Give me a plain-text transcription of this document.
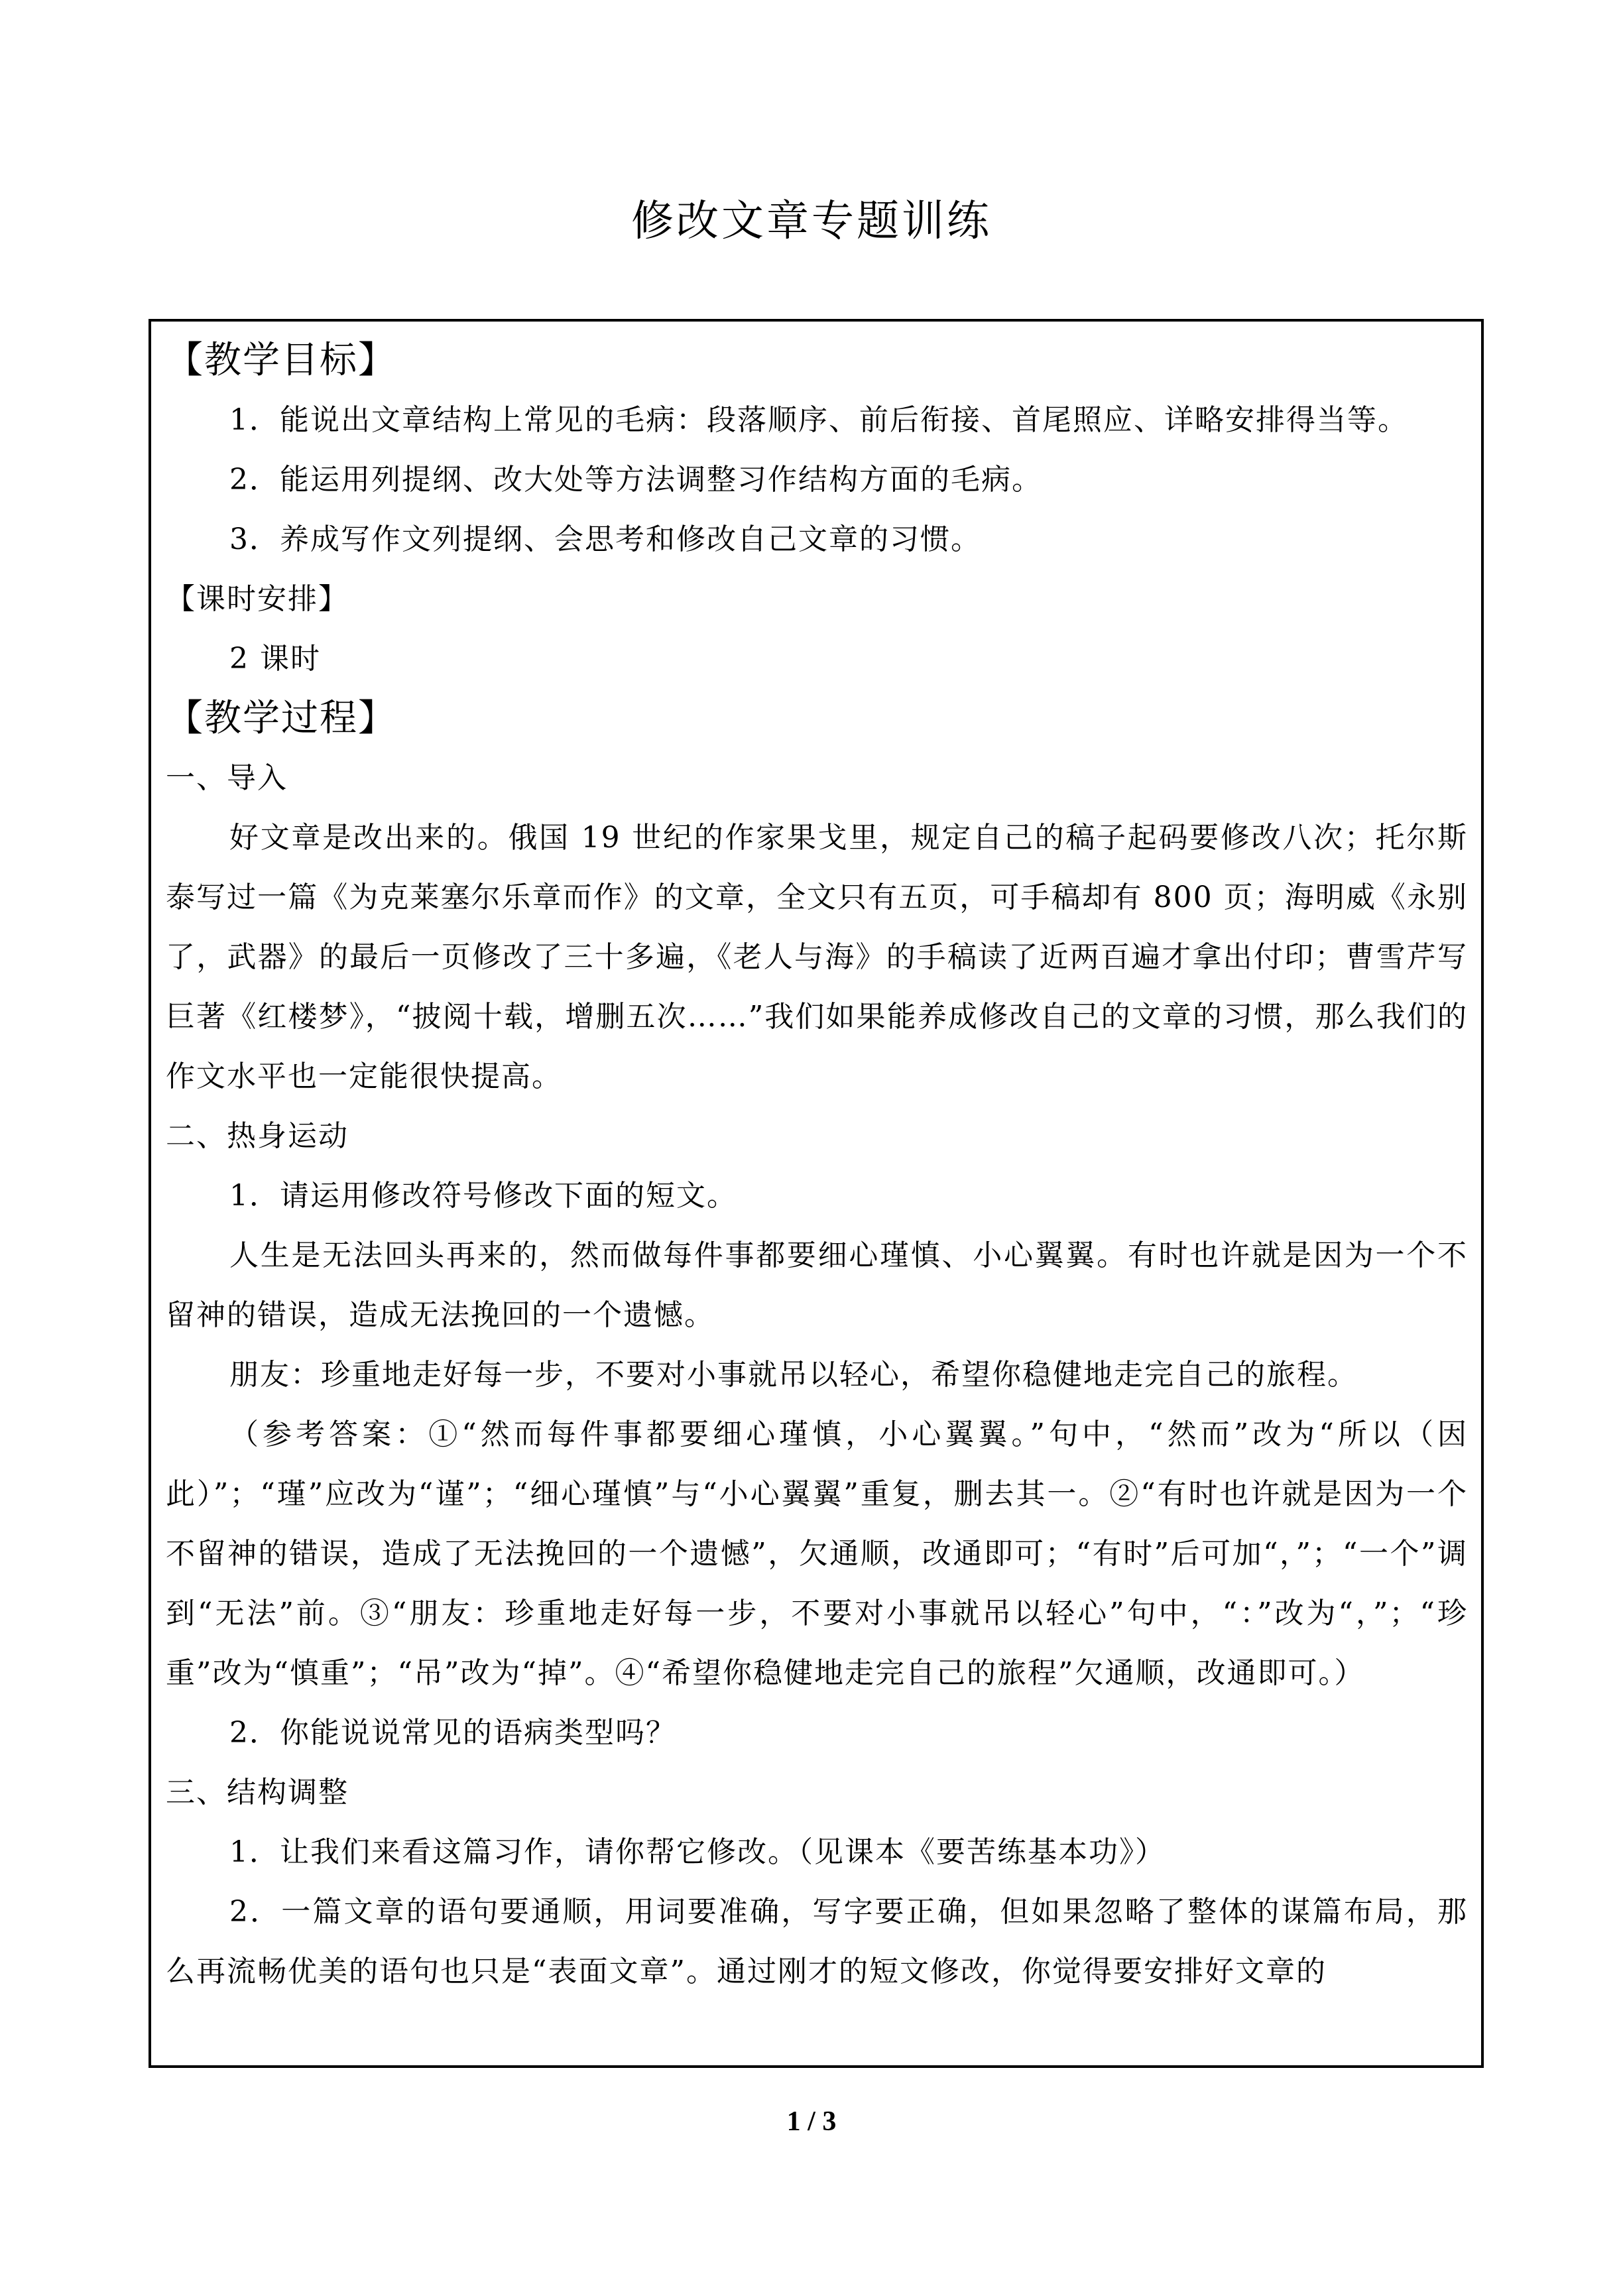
修改文章专题训练
【教学目标】
1．能说出文章结构上常见的毛病：段落顺序、前后衔接、首尾照应、详略安排得当等。
2．能运用列提纲、改大处等方法调整习作结构方面的毛病。
3．养成写作文列提纲、会思考和修改自己文章的习惯。
【课时安排】
2 课时
【教学过程】
一、导入
好文章是改出来的。俄国 19 世纪的作家果戈里，规定自己的稿子起码要修改八次；托尔斯泰写过一篇《为克莱塞尔乐章而作》的文章，全文只有五页，可手稿却有 800 页；海明威《永别了，武器》的最后一页修改了三十多遍，《老人与海》的手稿读了近两百遍才拿出付印；曹雪芹写巨著《红楼梦》，“披阅十载，增删五次……”我们如果能养成修改自己的文章的习惯，那么我们的作文水平也一定能很快提高。
二、热身运动
1．请运用修改符号修改下面的短文。
人生是无法回头再来的，然而做每件事都要细心瑾慎、小心翼翼。有时也许就是因为一个不留神的错误，造成无法挽回的一个遗憾。
朋友：珍重地走好每一步，不要对小事就吊以轻心，希望你稳健地走完自己的旅程。
（参考答案：①“然而每件事都要细心瑾慎，小心翼翼。”句中，“然而”改为“所以（因此）”；“瑾”应改为“谨”；“细心瑾慎”与“小心翼翼”重复，删去其一。②“有时也许就是因为一个不留神的错误，造成了无法挽回的一个遗憾”，欠通顺，改通即可；“有时”后可加“，”；“一个”调到“无法”前。③“朋友：珍重地走好每一步，不要对小事就吊以轻心”句中，“：”改为“，”；“珍重”改为“慎重”；“吊”改为“掉”。④“希望你稳健地走完自己的旅程”欠通顺，改通即可。）
2．你能说说常见的语病类型吗？
三、结构调整
1．让我们来看这篇习作，请你帮它修改。（见课本《要苦练基本功》）
2．一篇文章的语句要通顺，用词要准确，写字要正确，但如果忽略了整体的谋篇布局，那么再流畅优美的语句也只是“表面文章”。通过刚才的短文修改，你觉得要安排好文章的
1 / 3
